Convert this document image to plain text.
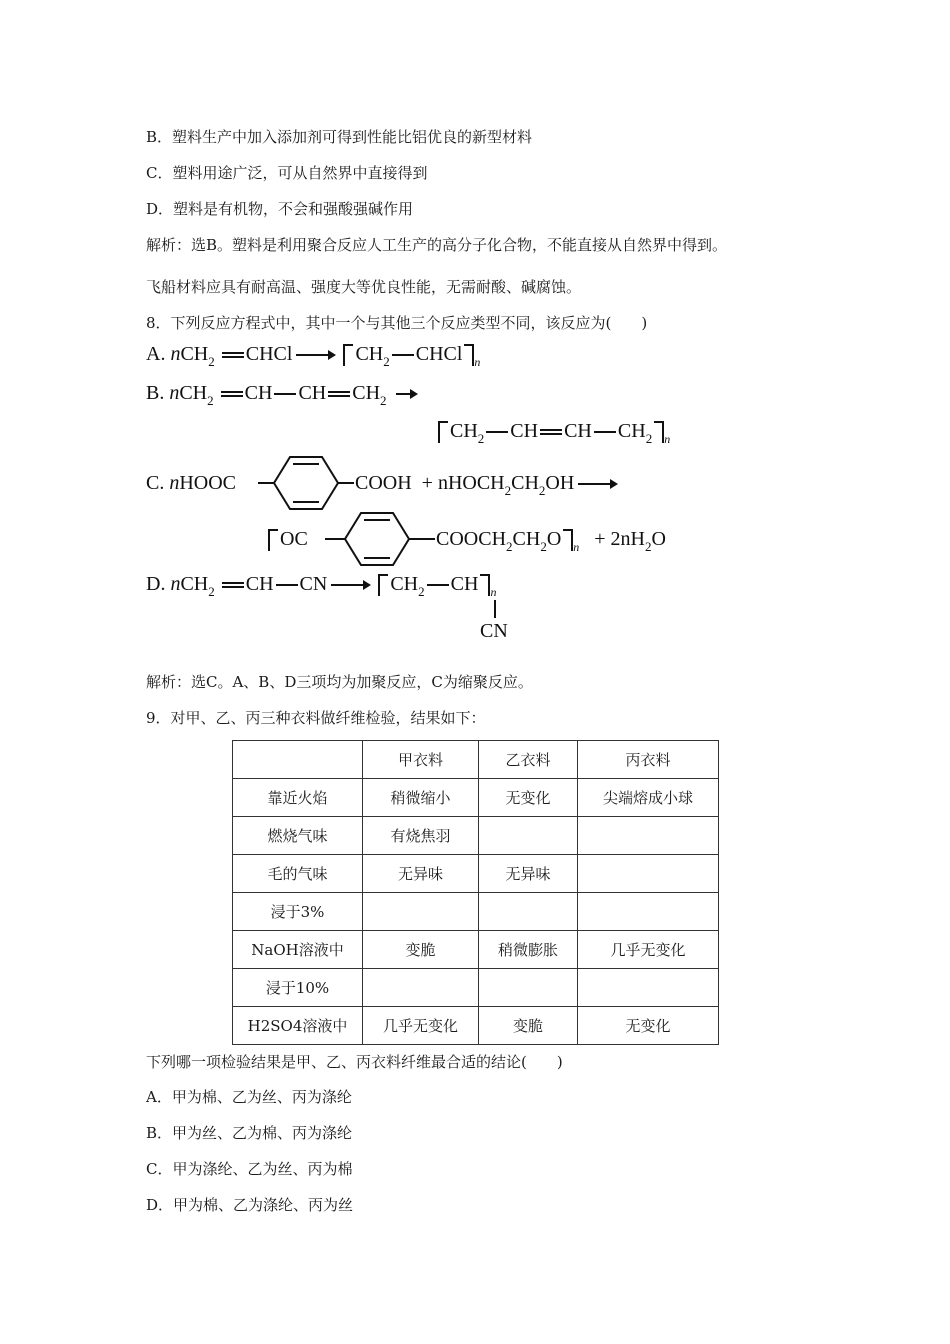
B．塑料生产中加入添加剂可得到性能比铝优良的新型材料
C．塑料用途广泛，可从自然界中直接得到
D．塑料是有机物，不会和强酸强碱作用
解析：选B。塑料是利用聚合反应人工生产的高分子化合物，不能直接从自然界中得到。
飞船材料应具有耐高温、强度大等优良性能，无需耐酸、碱腐蚀。
8．下列反应方程式中，其中一个与其他三个反应类型不同，该反应为(　　)
A. nCH$_2$ CHCl	$CH_2$ CHCl $_n$
B. nCH$_2$ CH CH $CH_2$
$CH_2$ CH CH $CH_2$ $_n$
C. nHOOC	COOH + $nHOCH_2CH_2OH$
OC	$COOCH_2CH_2O$ $_n + 2nH_2O$
D. nCH$_2$ CH CN	$CH_2$ CH $_n$
CN
解析：选C。A、B、D三项均为加聚反应，C为缩聚反应。
9．对甲、乙、丙三种衣料做纤维检验，结果如下：
	甲衣料	乙衣料	丙衣料
靠近火焰	稍微缩小	无变化	尖端熔成小球
燃烧气味	有烧焦羽		
毛的气味	无异味	无异味	
浸于3%			
NaOH溶液中	变脆	稍微膨胀	几乎无变化
浸于10%			
H2SO4溶液中	几乎无变化	变脆	无变化
下列哪一项检验结果是甲、乙、丙衣料纤维最合适的结论(　　)
A．甲为棉、乙为丝、丙为涤纶
B．甲为丝、乙为棉、丙为涤纶
C．甲为涤纶、乙为丝、丙为棉
D．甲为棉、乙为涤纶、丙为丝
